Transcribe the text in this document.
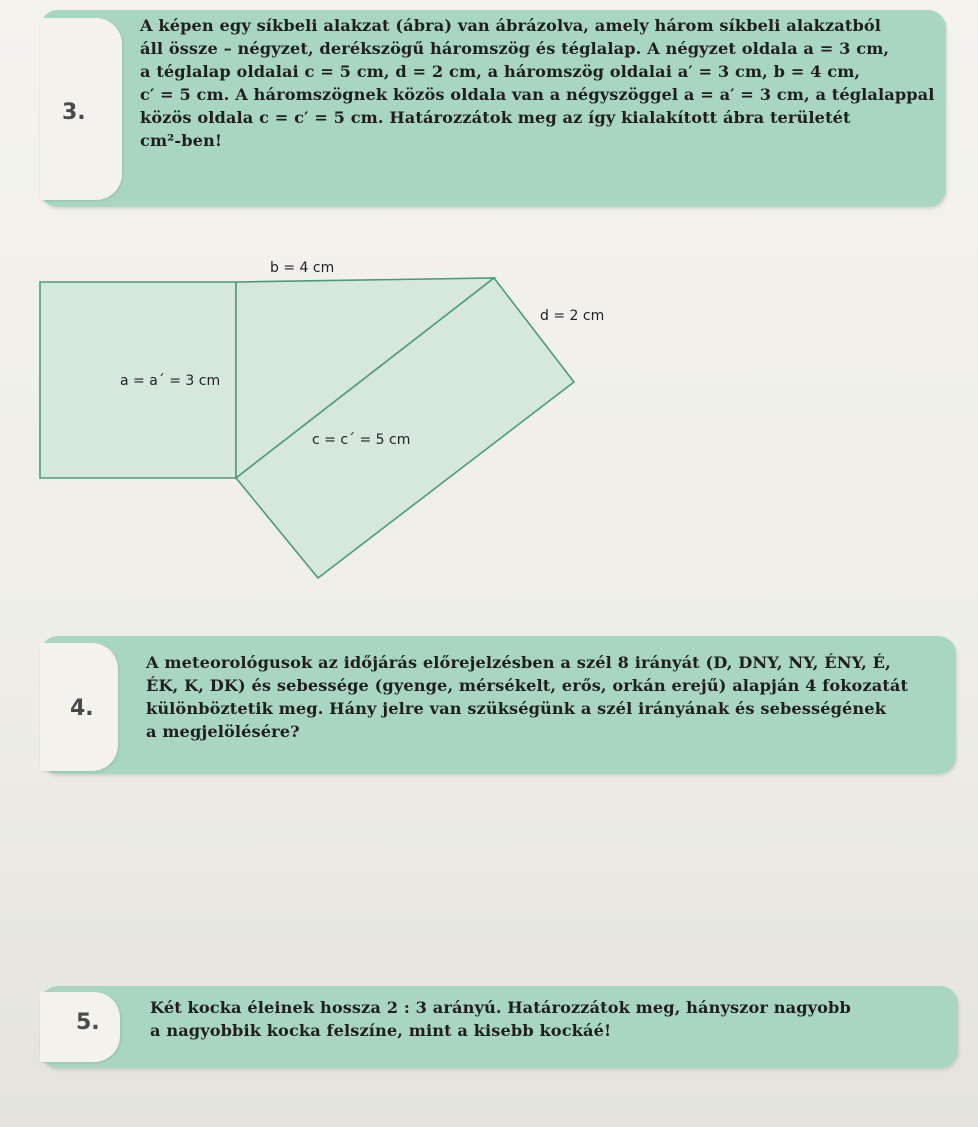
3.

A képen egy síkbeli alakzat (ábra) van ábrázolva, amely három síkbeli alakzatból

áll össze – négyzet, derékszögű háromszög és téglalap. A négyzet oldala a = 3 cm,

a téglalap oldalai c = 5 cm, d = 2 cm, a háromszög oldalai a′ = 3 cm, b = 4 cm,

c′ = 5 cm. A háromszögnek közös oldala van a négyszöggel a = a′ = 3 cm, a téglalappal

közös oldala c = c′ = 5 cm. Határozzátok meg az így kialakított ábra területét

cm²-ben!

b = 4 cm
d = 2 cm
a = a´ = 3 cm
c = c´ = 5 cm
4.

A meteorológusok az időjárás előrejelzésben a szél 8 irányát (D, DNY, NY, ÉNY, É,

ÉK, K, DK) és sebessége (gyenge, mérsékelt, erős, orkán erejű) alapján 4 fokozatát

különböztetik meg. Hány jelre van szükségünk a szél irányának és sebességének

a megjelölésére?

5.

Két kocka éleinek hossza 2 : 3 arányú. Határozzátok meg, hányszor nagyobb

a nagyobbik kocka felszíne, mint a kisebb kockáé!
